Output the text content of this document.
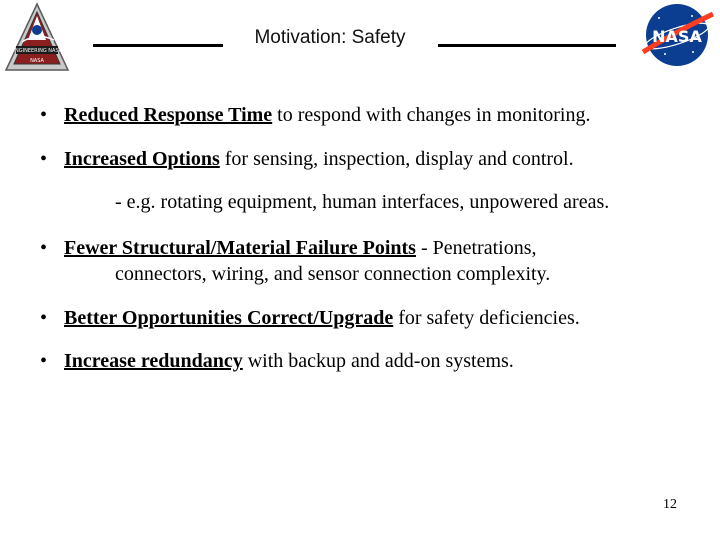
ENGINEERING NASA
NASA
Motivation: Safety	NASA
• Reduced Response Time to respond with changes in monitoring.
• Increased Options for sensing, inspection, display and control.
- e.g. rotating equipment, human interfaces, unpowered areas.
• Fewer Structural/Material Failure Points - Penetrations,
connectors, wiring, and sensor connection complexity.
• Better Opportunities Correct/Upgrade for safety deficiencies.
• Increase redundancy with backup and add-on systems.
12
